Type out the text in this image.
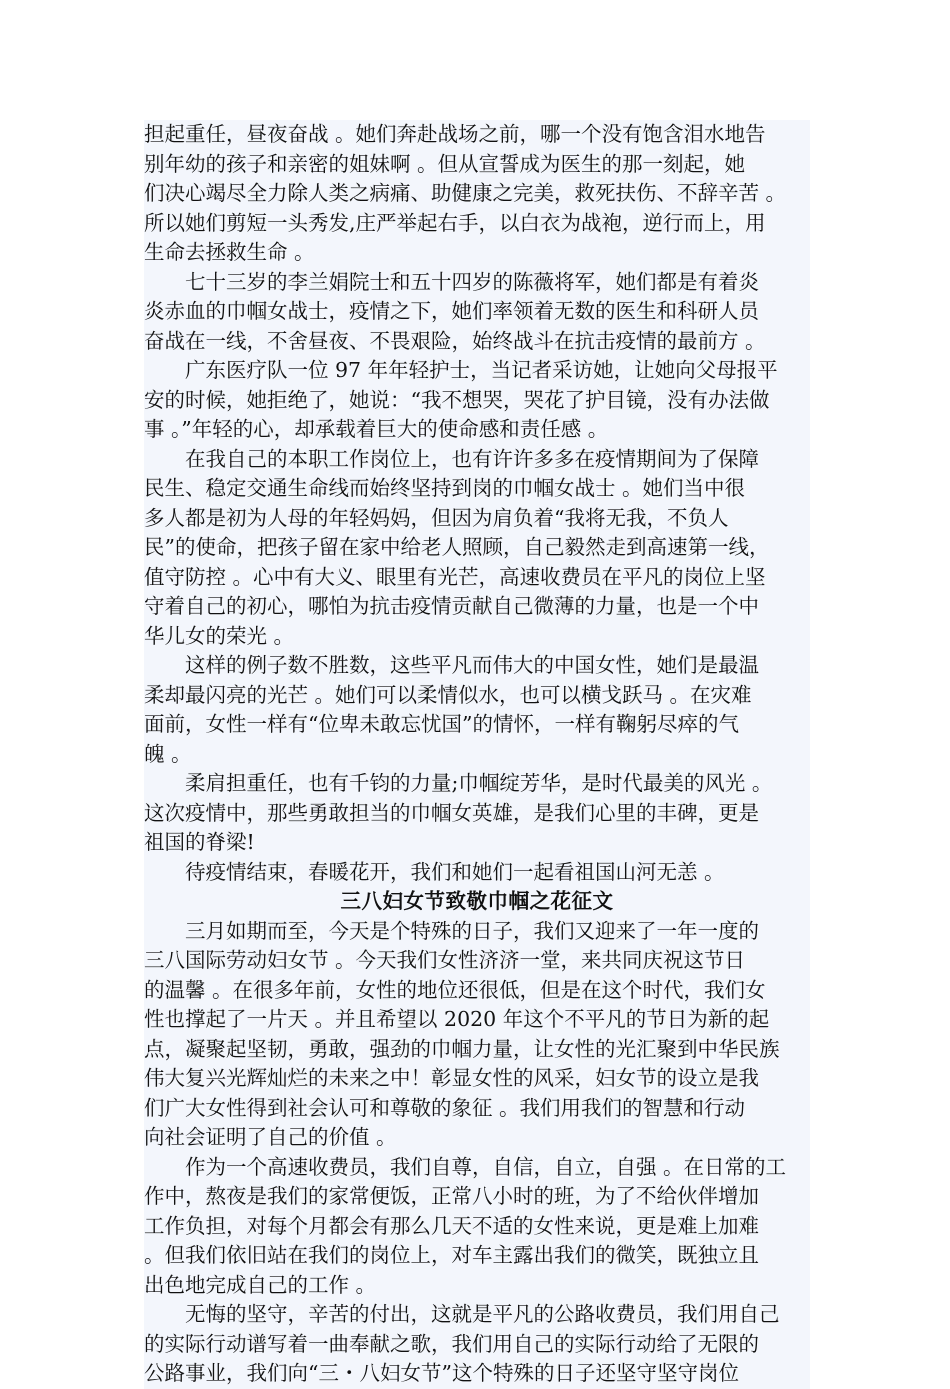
担起重任，昼夜奋战 。她们奔赴战场之前，哪一个没有饱含泪水地告
别年幼的孩子和亲密的姐妹啊 。但从宣誓成为医生的那一刻起，她
们决心竭尽全力除人类之病痛、助健康之完美，救死扶伤、不辞辛苦 。
所以她们剪短一头秀发,庄严举起右手，以白衣为战袍，逆行而上，用
生命去拯救生命 。
七十三岁的李兰娟院士和五十四岁的陈薇将军，她们都是有着炎
炎赤血的巾帼女战士，疫情之下，她们率领着无数的医生和科研人员
奋战在一线，不舍昼夜、不畏艰险，始终战斗在抗击疫情的最前方 。
广东医疗队一位 97 年年轻护士，当记者采访她，让她向父母报平
安的时候，她拒绝了，她说：“我不想哭，哭花了护目镜，没有办法做
事 。”年轻的心，却承载着巨大的使命感和责任感 。
在我自己的本职工作岗位上，也有许许多多在疫情期间为了保障
民生、稳定交通生命线而始终坚持到岗的巾帼女战士 。她们当中很
多人都是初为人母的年轻妈妈，但因为肩负着“我将无我，不负人
民”的使命，把孩子留在家中给老人照顾，自己毅然走到高速第一线，
值守防控 。心中有大义、眼里有光芒，高速收费员在平凡的岗位上坚
守着自己的初心，哪怕为抗击疫情贡献自己微薄的力量，也是一个中
华儿女的荣光 。
这样的例子数不胜数，这些平凡而伟大的中国女性，她们是最温
柔却最闪亮的光芒 。她们可以柔情似水，也可以横戈跃马 。在灾难
面前，女性一样有“位卑未敢忘忧国”的情怀，一样有鞠躬尽瘁的气
魄 。
柔肩担重任，也有千钧的力量;巾帼绽芳华，是时代最美的风光 。
这次疫情中，那些勇敢担当的巾帼女英雄，是我们心里的丰碑，更是
祖国的脊梁!
待疫情结束，春暖花开，我们和她们一起看祖国山河无恙 。
三八妇女节致敬巾帼之花征文
三月如期而至，今天是个特殊的日子，我们又迎来了一年一度的
三八国际劳动妇女节 。今天我们女性济济一堂，来共同庆祝这节日
的温馨 。在很多年前，女性的地位还很低，但是在这个时代，我们女
性也撑起了一片天 。并且希望以 2020 年这个不平凡的节日为新的起
点，凝聚起坚韧，勇敢，强劲的巾帼力量，让女性的光汇聚到中华民族
伟大复兴光辉灿烂的未来之中！彰显女性的风采，妇女节的设立是我
们广大女性得到社会认可和尊敬的象征 。我们用我们的智慧和行动
向社会证明了自己的价值 。
作为一个高速收费员，我们自尊，自信，自立，自强 。在日常的工
作中，熬夜是我们的家常便饭，正常八小时的班，为了不给伙伴增加
工作负担，对每个月都会有那么几天不适的女性来说，更是难上加难
。但我们依旧站在我们的岗位上，对车主露出我们的微笑，既独立且
出色地完成自己的工作 。
无悔的坚守，辛苦的付出，这就是平凡的公路收费员，我们用自己
的实际行动谱写着一曲奉献之歌，我们用自己的实际行动给了无限的
公路事业，我们向“三・八妇女节”这个特殊的日子还坚守坚守岗位
